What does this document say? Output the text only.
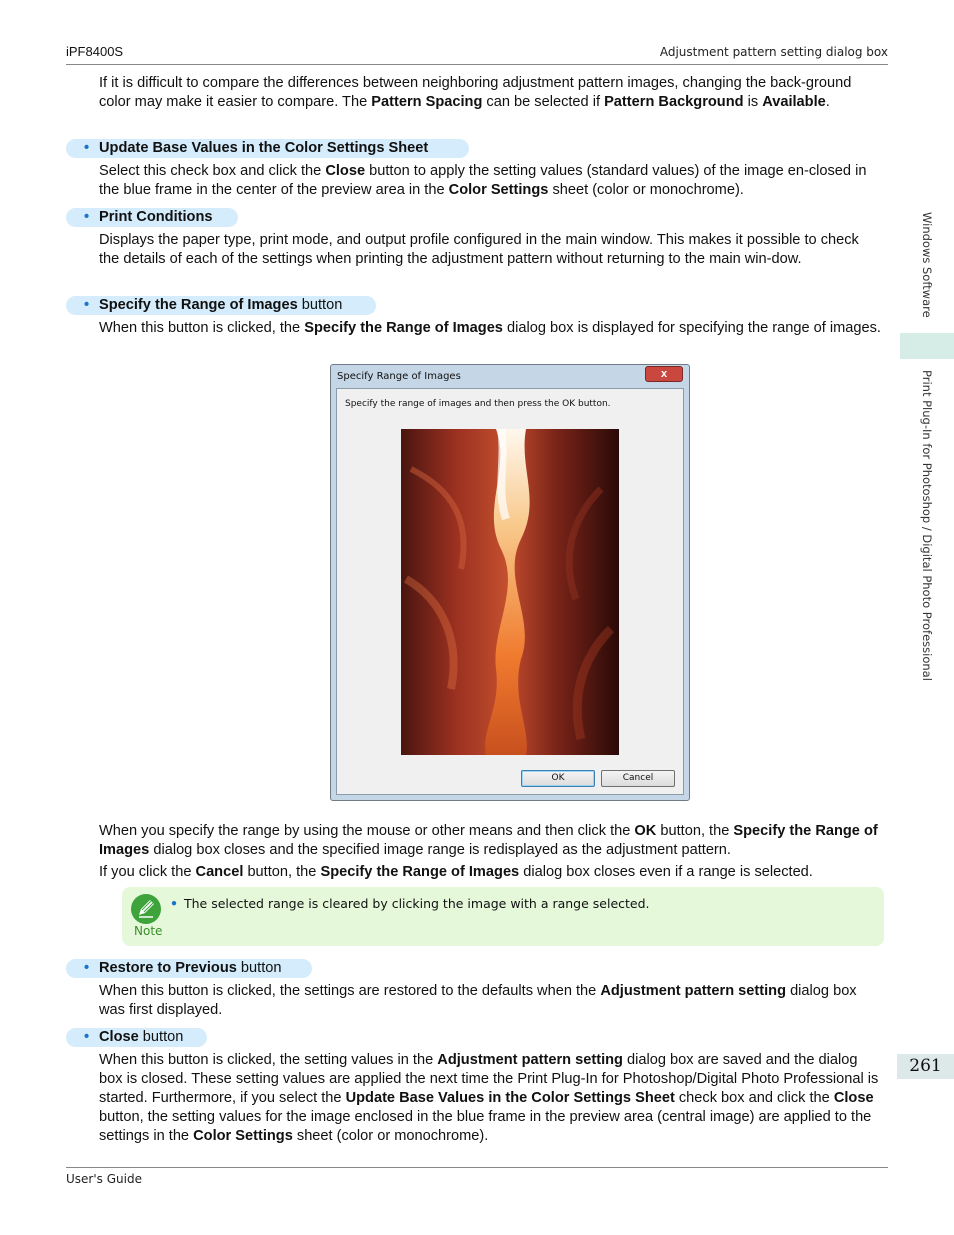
iPF8400S	Adjustment pattern setting dialog box
Windows Software
Print Plug-In for Photoshop / Digital Photo Professional
261
If it is difficult to compare the differences between neighboring adjustment pattern images, changing the back-ground color may make it easier to compare. The Pattern Spacing can be selected if Pattern Background is Available.
• Update Base Values in the Color Settings Sheet
Select this check box and click the Close button to apply the setting values (standard values) of the image en-closed in the blue frame in the center of the preview area in the Color Settings sheet (color or monochrome).
• Print Conditions
Displays the paper type, print mode, and output profile configured in the main window. This makes it possible to check the details of each of the settings when printing the adjustment pattern without returning to the main win-dow.
• Specify the Range of Images button
When this button is clicked, the Specify the Range of Images dialog box is displayed for specifying the range of images.
Specify Range of Images	x
Specify the range of images and then press the OK button.
OK	Cancel
When you specify the range by using the mouse or other means and then click the OK button, the Specify the Range of Images dialog box closes and the specified image range is redisplayed as the adjustment pattern.
If you click the Cancel button, the Specify the Range of Images dialog box closes even if a range is selected.
Note
• The selected range is cleared by clicking the image with a range selected.
• Restore to Previous button
When this button is clicked, the settings are restored to the defaults when the Adjustment pattern setting dialog box was first displayed.
• Close button
When this button is clicked, the setting values in the Adjustment pattern setting dialog box are saved and the dialog box is closed. These setting values are applied the next time the Print Plug-In for Photoshop/Digital Photo Professional is started. Furthermore, if you select the Update Base Values in the Color Settings Sheet check box and click the Close button, the setting values for the image enclosed in the blue frame in the preview area (central image) are applied to the settings in the Color Settings sheet (color or monochrome).
User's Guide
